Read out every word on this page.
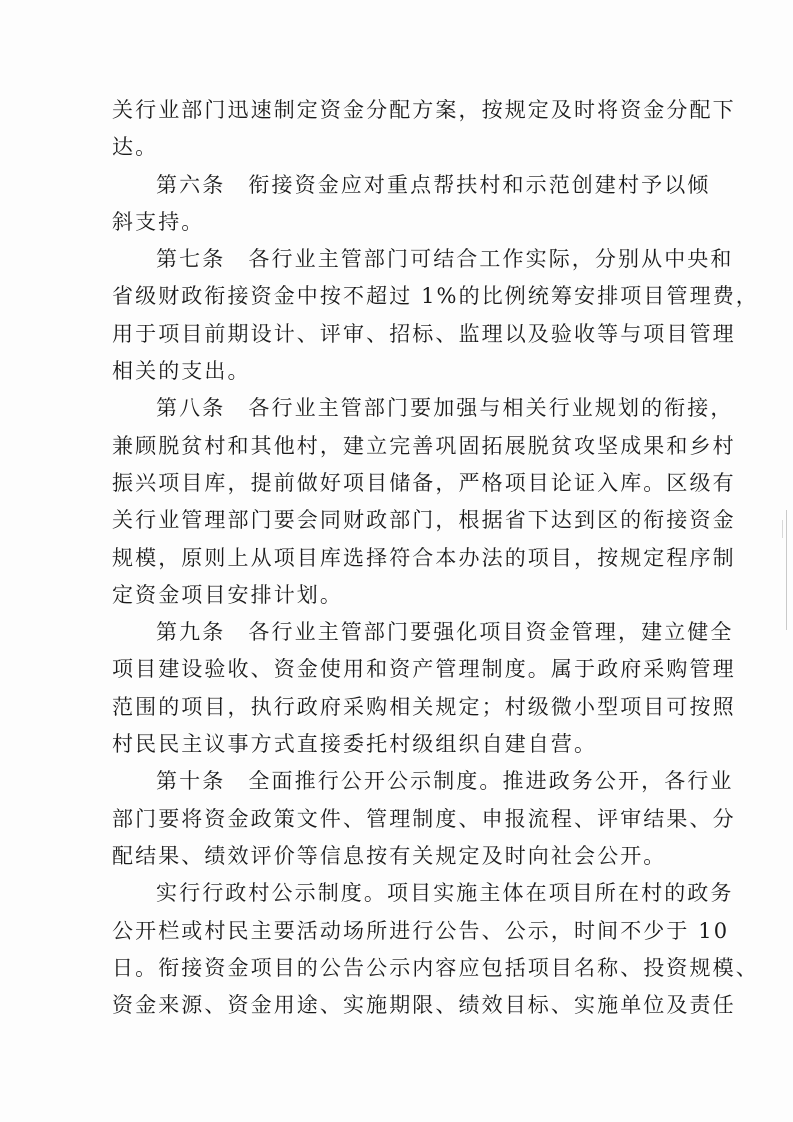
关行业部门迅速制定资金分配方案，按规定及时将资金分配下
达。

第六条　衔接资金应对重点帮扶村和示范创建村予以倾

斜支持。

第七条　各行业主管部门可结合工作实际，分别从中央和

省级财政衔接资金中按不超过 1%的比例统筹安排项目管理费，
用于项目前期设计、评审、招标、监理以及验收等与项目管理
相关的支出。

第八条　各行业主管部门要加强与相关行业规划的衔接，

兼顾脱贫村和其他村，建立完善巩固拓展脱贫攻坚成果和乡村
振兴项目库，提前做好项目储备，严格项目论证入库。区级有
关行业管理部门要会同财政部门，根据省下达到区的衔接资金
规模，原则上从项目库选择符合本办法的项目，按规定程序制
定资金项目安排计划。

第九条　各行业主管部门要强化项目资金管理，建立健全

项目建设验收、资金使用和资产管理制度。属于政府采购管理
范围的项目，执行政府采购相关规定；村级微小型项目可按照
村民民主议事方式直接委托村级组织自建自营。

第十条　全面推行公开公示制度。推进政务公开，各行业

部门要将资金政策文件、管理制度、申报流程、评审结果、分
配结果、绩效评价等信息按有关规定及时向社会公开。

实行行政村公示制度。项目实施主体在项目所在村的政务

公开栏或村民主要活动场所进行公告、公示，时间不少于 10
日。衔接资金项目的公告公示内容应包括项目名称、投资规模、
资金来源、资金用途、实施期限、绩效目标、实施单位及责任
